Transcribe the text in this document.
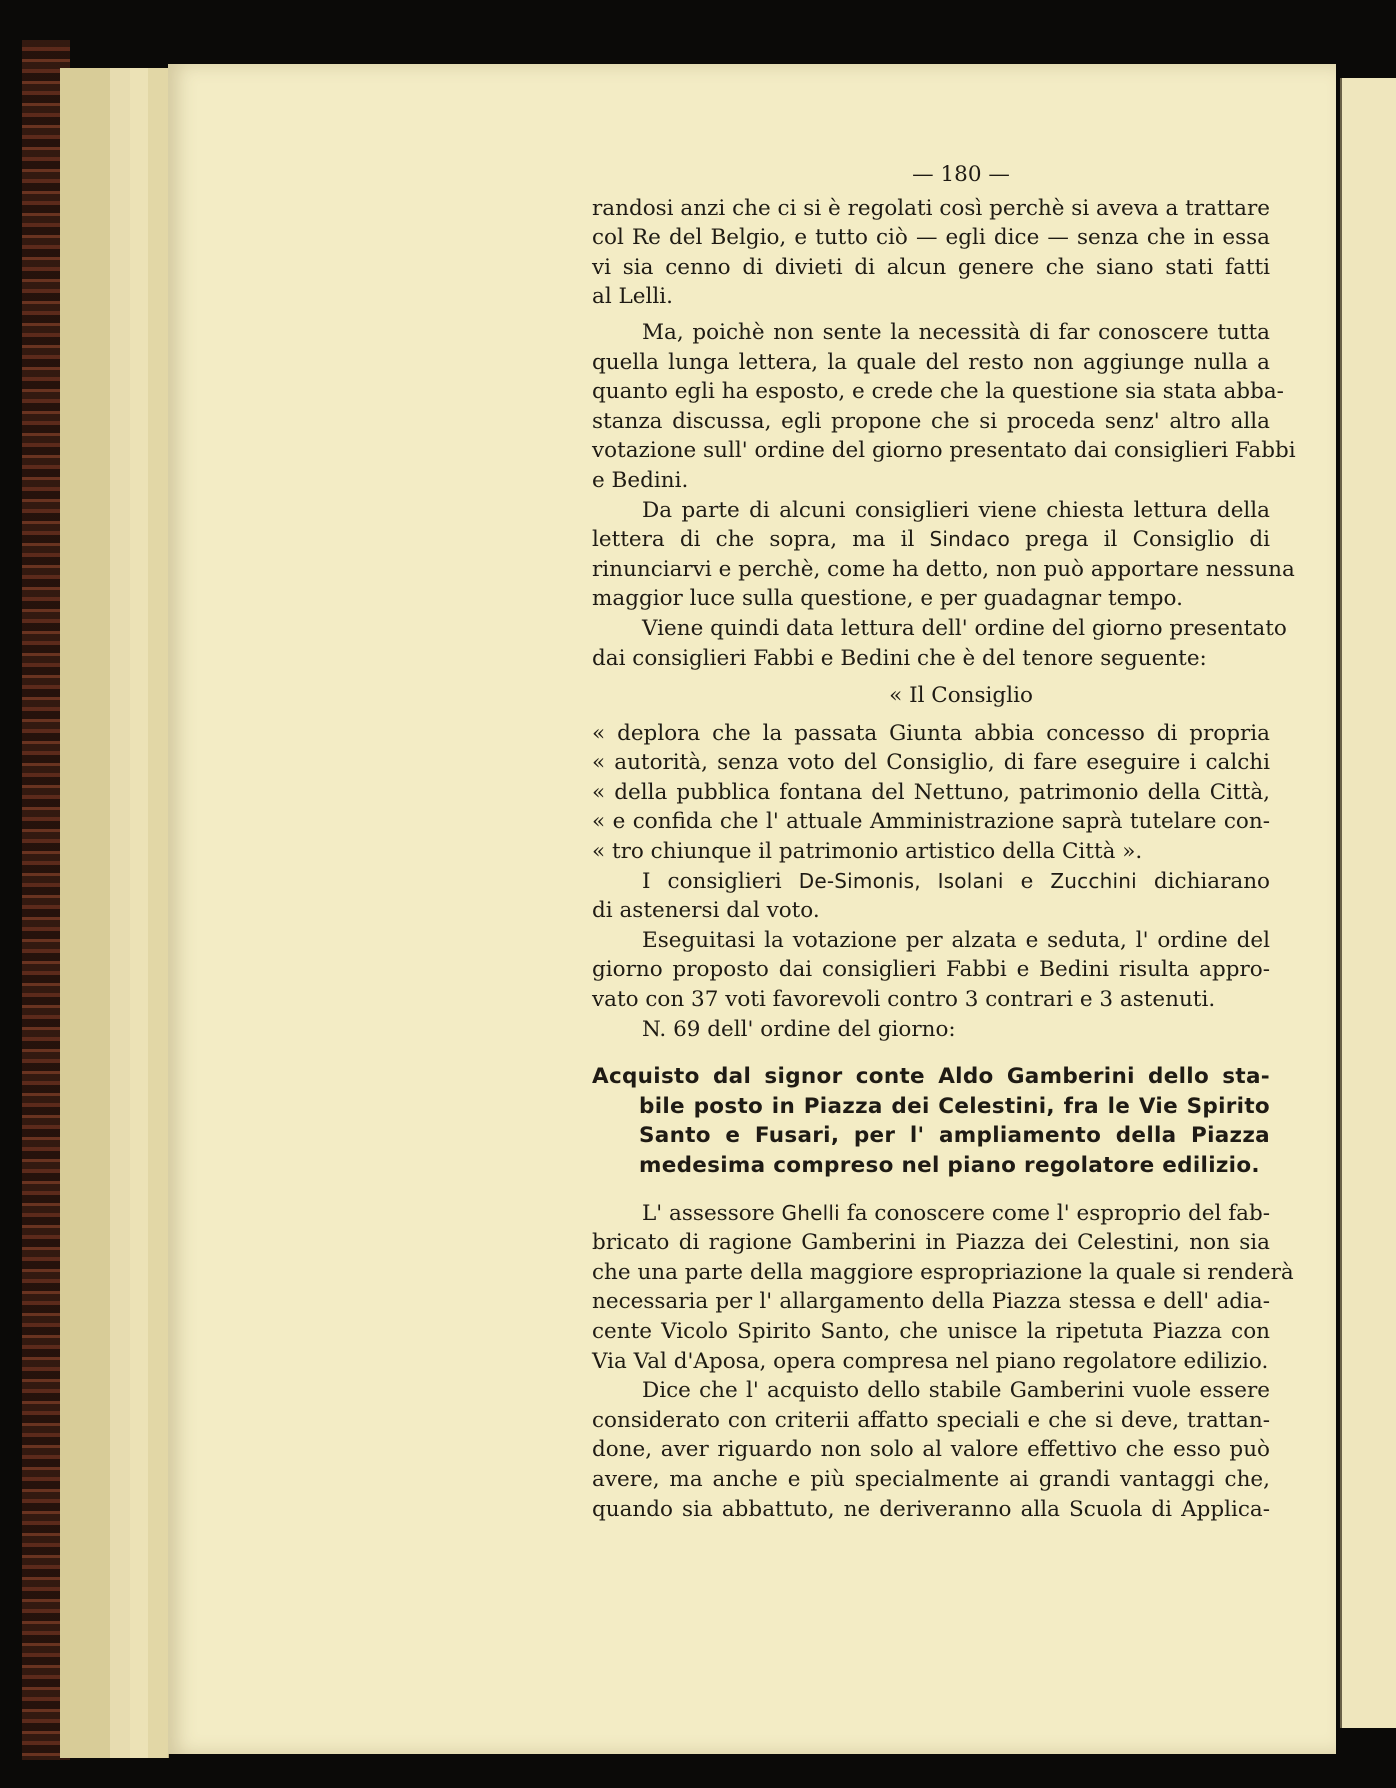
— 180 —
randosi anzi che ci si è regolati così perchè si aveva a trattare
col Re del Belgio, e tutto ciò — egli dice — senza che in essa
vi sia cenno di divieti di alcun genere che siano stati fatti
al Lelli.
Ma, poichè non sente la necessità di far conoscere tutta
quella lunga lettera, la quale del resto non aggiunge nulla a
quanto egli ha esposto, e crede che la questione sia stata abba-
stanza discussa, egli propone che si proceda senz' altro alla
votazione sull' ordine del giorno presentato dai consiglieri Fabbi
e Bedini.
Da parte di alcuni consiglieri viene chiesta lettura della
lettera di che sopra, ma il Sindaco prega il Consiglio di
rinunciarvi e perchè, come ha detto, non può apportare nessuna
maggior luce sulla questione, e per guadagnar tempo.
Viene quindi data lettura dell' ordine del giorno presentato
dai consiglieri Fabbi e Bedini che è del tenore seguente:
« Il Consiglio
« deplora che la passata Giunta abbia concesso di propria
« autorità, senza voto del Consiglio, di fare eseguire i calchi
« della pubblica fontana del Nettuno, patrimonio della Città,
« e confida che l' attuale Amministrazione saprà tutelare con-
« tro chiunque il patrimonio artistico della Città ».
I consiglieri De-Simonis, Isolani e Zucchini dichiarano
di astenersi dal voto.
Eseguitasi la votazione per alzata e seduta, l' ordine del
giorno proposto dai consiglieri Fabbi e Bedini risulta appro-
vato con 37 voti favorevoli contro 3 contrari e 3 astenuti.
N. 69 dell' ordine del giorno:
Acquisto dal signor conte Aldo Gamberini dello sta-
bile posto in Piazza dei Celestini, fra le Vie Spirito
Santo e Fusari, per l' ampliamento della Piazza
medesima compreso nel piano regolatore edilizio.
L' assessore Ghelli fa conoscere come l' esproprio del fab-
bricato di ragione Gamberini in Piazza dei Celestini, non sia
che una parte della maggiore espropriazione la quale si renderà
necessaria per l' allargamento della Piazza stessa e dell' adia-
cente Vicolo Spirito Santo, che unisce la ripetuta Piazza con
Via Val d'Aposa, opera compresa nel piano regolatore edilizio.
Dice che l' acquisto dello stabile Gamberini vuole essere
considerato con criterii affatto speciali e che si deve, trattan-
done, aver riguardo non solo al valore effettivo che esso può
avere, ma anche e più specialmente ai grandi vantaggi che,
quando sia abbattuto, ne deriveranno alla Scuola di Applica-
